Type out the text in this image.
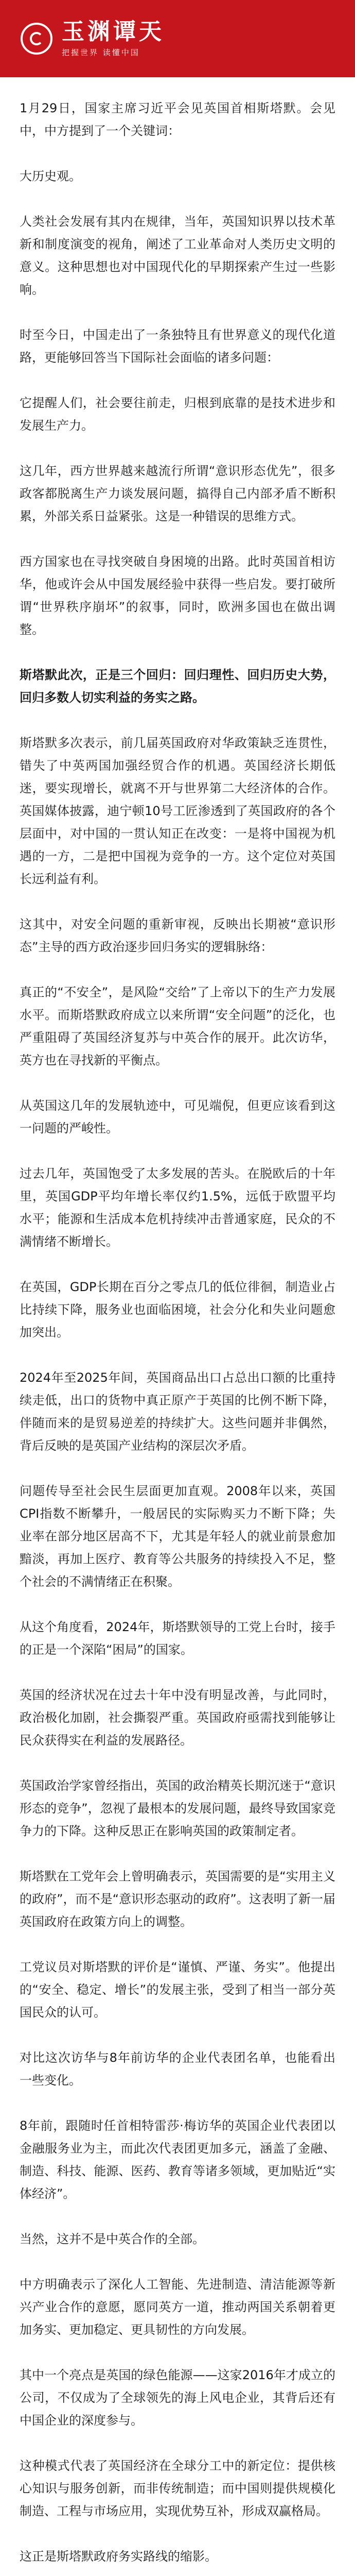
玉渊谭天
把握世界 读懂中国

1月29日，国家主席习近平会见英国首相斯塔默。会见中，中方提到了一个关键词：

大历史观。

人类社会发展有其内在规律，当年，英国知识界以技术革新和制度演变的视角，阐述了工业革命对人类历史文明的意义。这种思想也对中国现代化的早期探索产生过一些影响。

时至今日，中国走出了一条独特且有世界意义的现代化道路，更能够回答当下国际社会面临的诸多问题：

它提醒人们，社会要往前走，归根到底靠的是技术进步和发展生产力。

这几年，西方世界越来越流行所谓“意识形态优先”，很多政客都脱离生产力谈发展问题，搞得自己内部矛盾不断积累，外部关系日益紧张。这是一种错误的思维方式。

西方国家也在寻找突破自身困境的出路。此时英国首相访华，他或许会从中国发展经验中获得一些启发。要打破所谓“世界秩序崩坏”的叙事，同时，欧洲多国也在做出调整。

斯塔默此次，正是三个回归：回归理性、回归历史大势，回归多数人切实利益的务实之路。

斯塔默多次表示，前几届英国政府对华政策缺乏连贯性，错失了中英两国加强经贸合作的机遇。英国经济长期低迷，要实现增长，就离不开与世界第二大经济体的合作。英国媒体披露，迪宁顿10号工匠渗透到了英国政府的各个层面中，对中国的一贯认知正在改变：一是将中国视为机遇的一方，二是把中国视为竞争的一方。这个定位对英国长远利益有利。

这其中，对安全问题的重新审视，反映出长期被“意识形态”主导的西方政治逐步回归务实的逻辑脉络：

真正的“不安全”，是风险“交给”了上帝以下的生产力发展水平。而斯塔默政府成立以来所谓“安全问题”的泛化，也严重阻碍了英国经济复苏与中英合作的展开。此次访华，英方也在寻找新的平衡点。

从英国这几年的发展轨迹中，可见端倪，但更应该看到这一问题的严峻性。

过去几年，英国饱受了太多发展的苦头。在脱欧后的十年里，英国GDP平均年增长率仅约1.5%，远低于欧盟平均水平；能源和生活成本危机持续冲击普通家庭，民众的不满情绪不断增长。

在英国，GDP长期在百分之零点几的低位徘徊，制造业占比持续下降，服务业也面临困境，社会分化和失业问题愈加突出。

2024年至2025年间，英国商品出口占总出口额的比重持续走低，出口的货物中真正原产于英国的比例不断下降，伴随而来的是贸易逆差的持续扩大。这些问题并非偶然，背后反映的是英国产业结构的深层次矛盾。

问题传导至社会民生层面更加直观。2008年以来，英国CPI指数不断攀升，一般居民的实际购买力不断下降；失业率在部分地区居高不下，尤其是年轻人的就业前景愈加黯淡，再加上医疗、教育等公共服务的持续投入不足，整个社会的不满情绪正在积聚。

从这个角度看，2024年，斯塔默领导的工党上台时，接手的正是一个深陷“困局”的国家。

英国的经济状况在过去十年中没有明显改善，与此同时，政治极化加剧，社会撕裂严重。英国政府亟需找到能够让民众获得实在利益的发展路径。

英国政治学家曾经指出，英国的政治精英长期沉迷于“意识形态的竞争”，忽视了最根本的发展问题，最终导致国家竞争力的下降。这种反思正在影响英国的政策制定者。

斯塔默在工党年会上曾明确表示，英国需要的是“实用主义的政府”，而不是“意识形态驱动的政府”。这表明了新一届英国政府在政策方向上的调整。

工党议员对斯塔默的评价是“谨慎、严谨、务实”。他提出的“安全、稳定、增长”的发展主张，受到了相当一部分英国民众的认可。

对比这次访华与8年前访华的企业代表团名单，也能看出一些变化。

8年前，跟随时任首相特雷莎·梅访华的英国企业代表团以金融服务业为主，而此次代表团更加多元，涵盖了金融、制造、科技、能源、医药、教育等诸多领域，更加贴近“实体经济”。

当然，这并不是中英合作的全部。

中方明确表示了深化人工智能、先进制造、清洁能源等新兴产业合作的意愿，愿同英方一道，推动两国关系朝着更加务实、更加稳定、更具韧性的方向发展。

其中一个亮点是英国的绿色能源——这家2016年才成立的公司，不仅成为了全球领先的海上风电企业，其背后还有中国企业的深度参与。

这种模式代表了英国经济在全球分工中的新定位：提供核心知识与服务创新，而非传统制造；而中国则提供规模化制造、工程与市场应用，实现优势互补，形成双赢格局。

这正是斯塔默政府务实路线的缩影。
